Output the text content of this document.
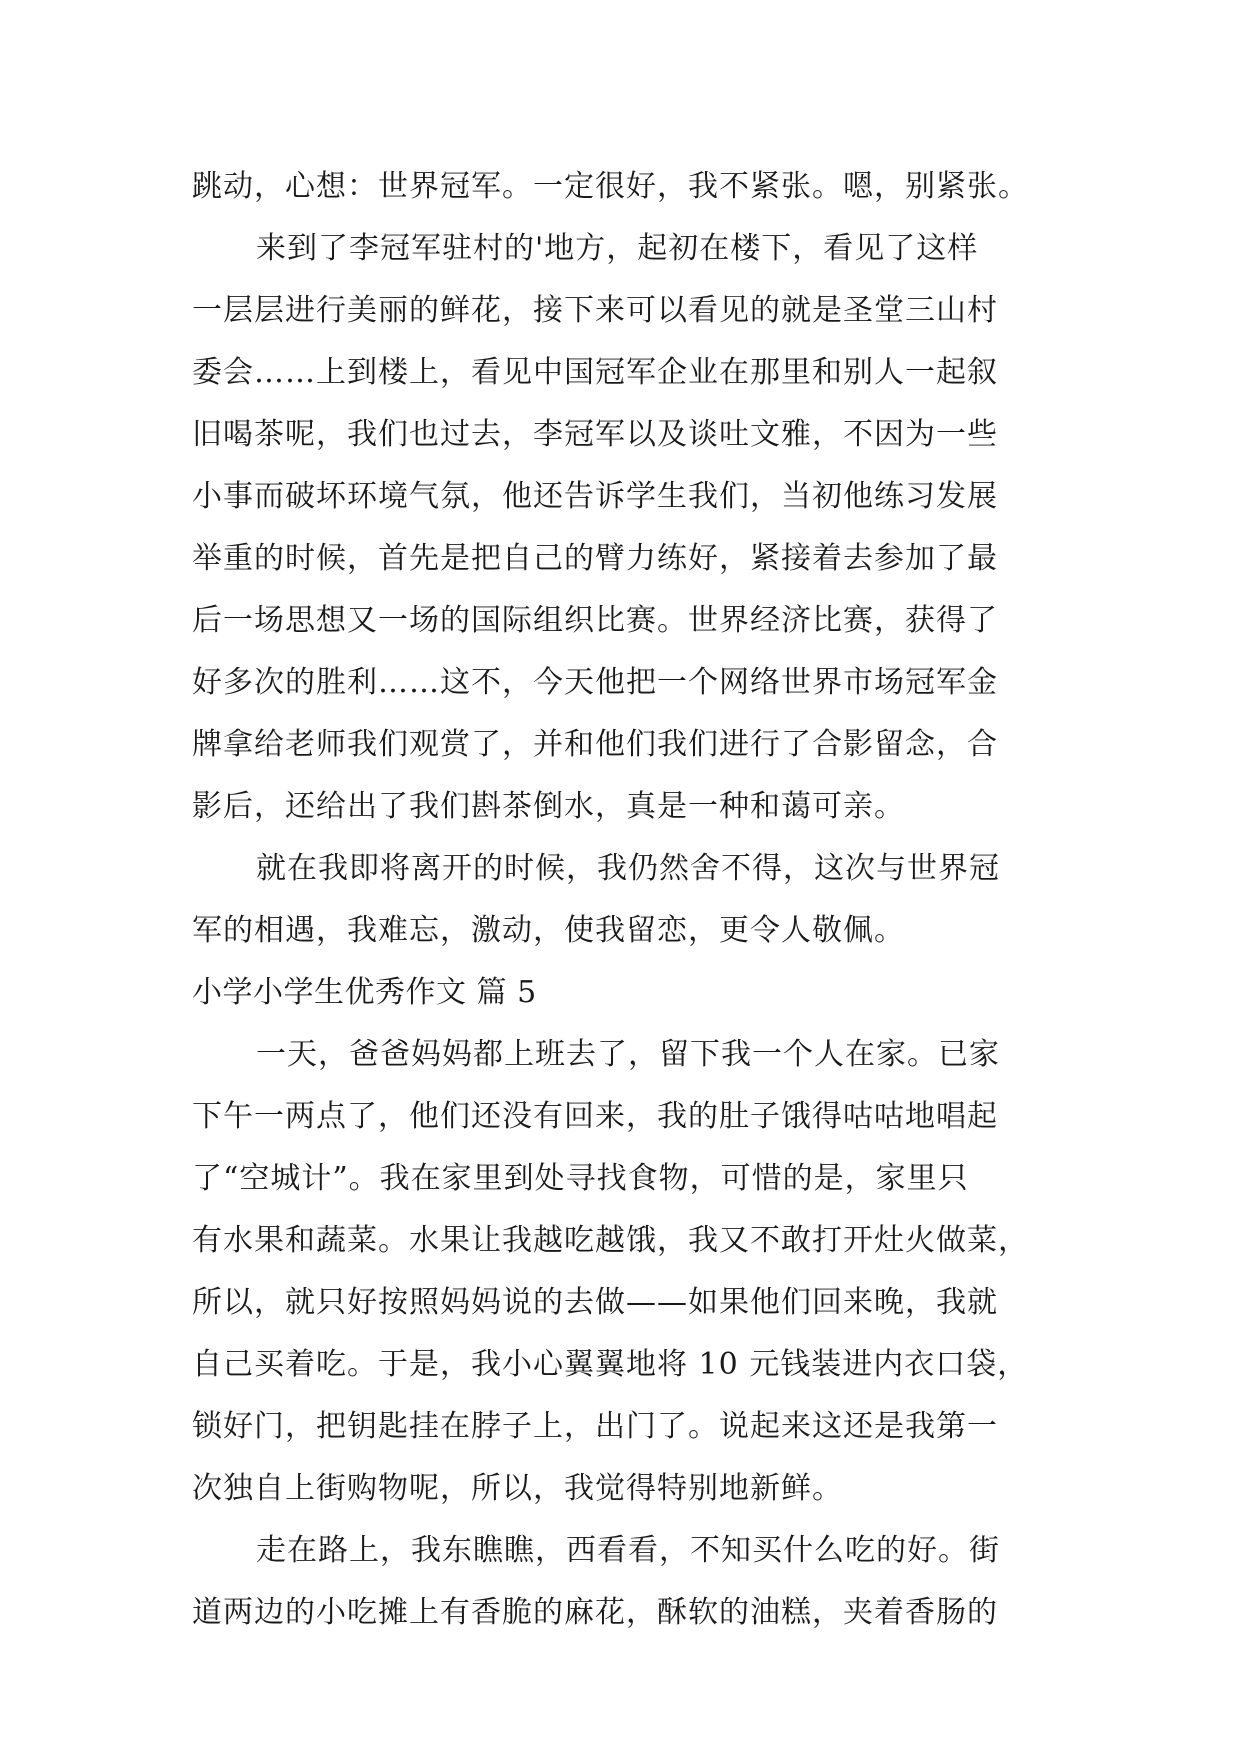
跳动，心想：世界冠军。一定很好，我不紧张。嗯，别紧张。
来到了李冠军驻村的'地方，起初在楼下，看见了这样
一层层进行美丽的鲜花，接下来可以看见的就是圣堂三山村
委会……上到楼上，看见中国冠军企业在那里和别人一起叙
旧喝茶呢，我们也过去，李冠军以及谈吐文雅，不因为一些
小事而破坏环境气氛，他还告诉学生我们，当初他练习发展
举重的时候，首先是把自己的臂力练好，紧接着去参加了最
后一场思想又一场的国际组织比赛。世界经济比赛，获得了
好多次的胜利……这不，今天他把一个网络世界市场冠军金
牌拿给老师我们观赏了，并和他们我们进行了合影留念，合
影后，还给出了我们斟茶倒水，真是一种和蔼可亲。
就在我即将离开的时候，我仍然舍不得，这次与世界冠
军的相遇，我难忘，激动，使我留恋，更令人敬佩。
小学小学生优秀作文 篇 5
一天，爸爸妈妈都上班去了，留下我一个人在家。已家
下午一两点了，他们还没有回来，我的肚子饿得咕咕地唱起
了“空城计”。我在家里到处寻找食物，可惜的是，家里只
有水果和蔬菜。水果让我越吃越饿，我又不敢打开灶火做菜，
所以，就只好按照妈妈说的去做——如果他们回来晚，我就
自己买着吃。于是，我小心翼翼地将 10 元钱装进内衣口袋，
锁好门，把钥匙挂在脖子上，出门了。说起来这还是我第一
次独自上街购物呢，所以，我觉得特别地新鲜。
走在路上，我东瞧瞧，西看看，不知买什么吃的好。街
道两边的小吃摊上有香脆的麻花，酥软的油糕，夹着香肠的
